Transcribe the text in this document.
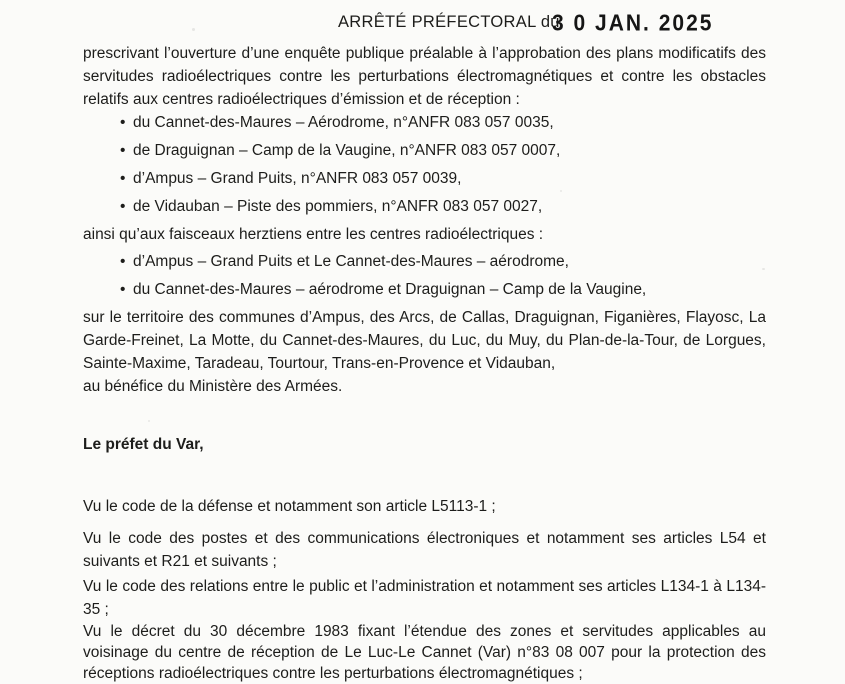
ARRÊTÉ PRÉFECTORAL du
3 0 JAN. 2025

prescrivant l’ouverture d’une enquête publique préalable à l’approbation des plans modificatifs des servitudes radioélectriques contre les perturbations électromagnétiques et contre les obstacles relatifs aux centres radioélectriques d’émission et de réception :

• du Cannet-des-Maures – Aérodrome, n°ANFR 083 057 0035,
• de Draguignan – Camp de la Vaugine, n°ANFR 083 057 0007,
• d’Ampus – Grand Puits, n°ANFR 083 057 0039,
• de Vidauban – Piste des pommiers, n°ANFR 083 057 0027,

ainsi qu’aux faisceaux herztiens entre les centres radioélectriques :

• d’Ampus – Grand Puits et Le Cannet-des-Maures – aérodrome,
• du Cannet-des-Maures – aérodrome et Draguignan – Camp de la Vaugine,

sur le territoire des communes d’Ampus, des Arcs, de Callas, Draguignan, Figanières, Flayosc, La Garde-Freinet, La Motte, du Cannet-des-Maures, du Luc, du Muy, du Plan-de-la-Tour, de Lorgues, Sainte-Maxime, Taradeau, Tourtour, Trans-en-Provence et Vidauban,

au bénéfice du Ministère des Armées.

Le préfet du Var,

Vu le code de la défense et notamment son article L5113-1 ;

Vu le code des postes et des communications électroniques et notamment ses articles L54 et suivants et R21 et suivants ;

Vu le code des relations entre le public et l’administration et notamment ses articles L134-1 à L134-35 ;

Vu le décret du 30 décembre 1983 fixant l’étendue des zones et servitudes applicables au voisinage du centre de réception de Le Luc-Le Cannet (Var) n°83 08 007 pour la protection des réceptions radioélectriques contre les perturbations électromagnétiques ;
